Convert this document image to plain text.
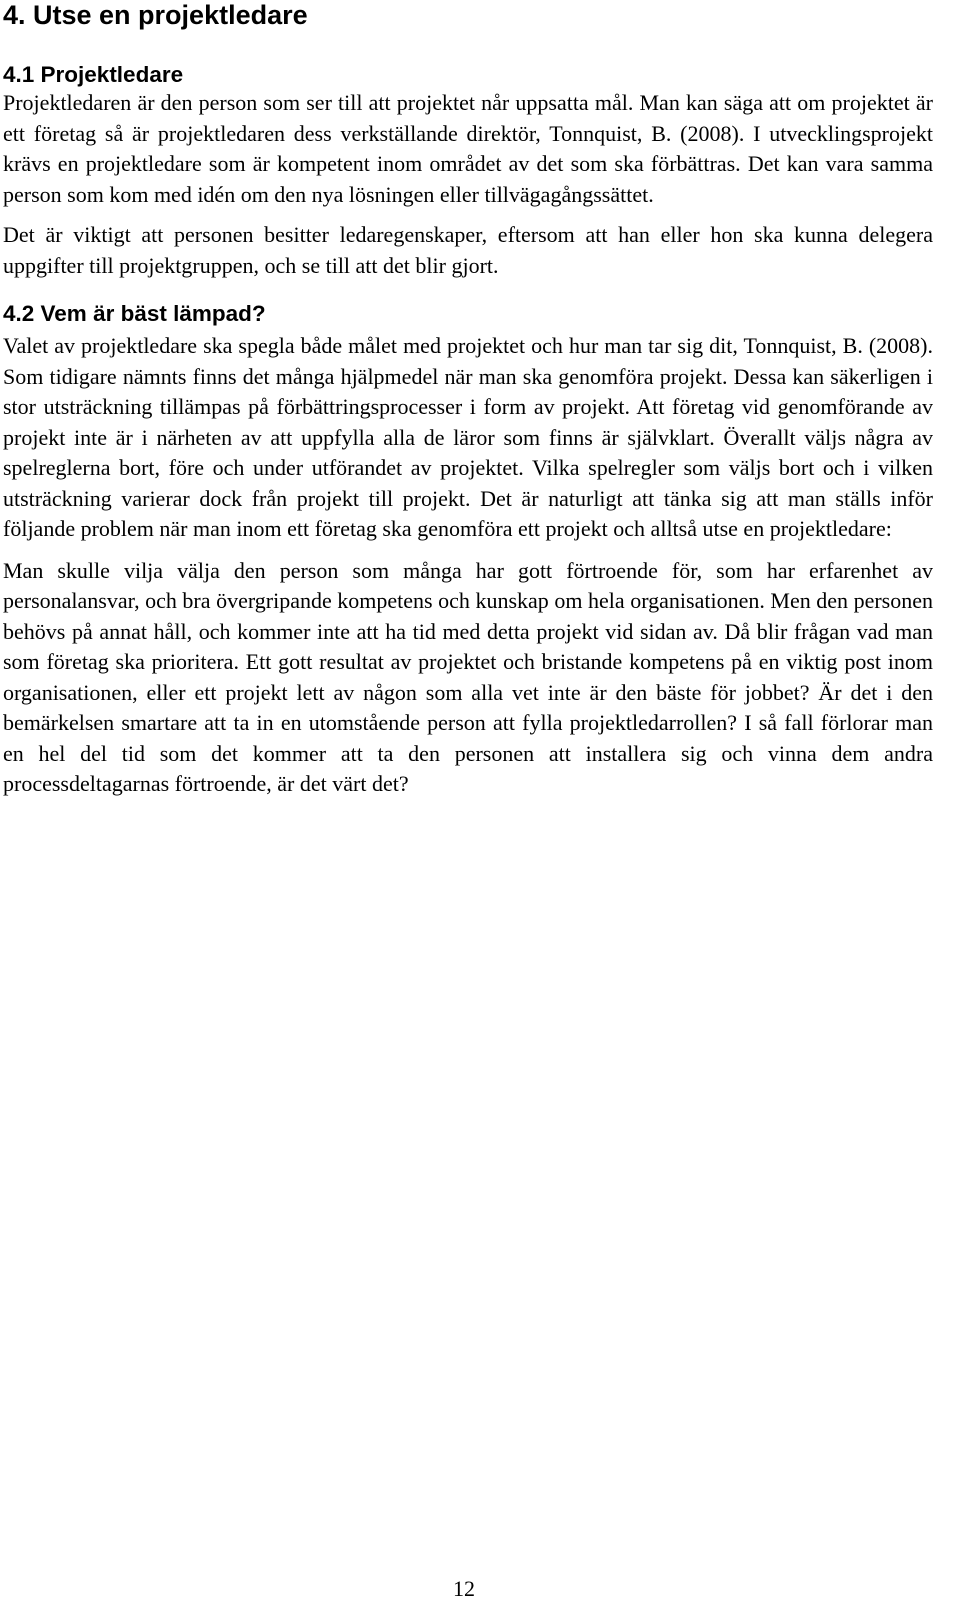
4. Utse en projektledare
4.1 Projektledare

Projektledaren är den person som ser till att projektet når uppsatta mål. Man kan säga att om projektet är ett företag så är projektledaren dess verkställande direktör, Tonnquist, B. (2008). I utvecklingsprojekt krävs en projektledare som är kompetent inom området av det som ska förbättras. Det kan vara samma person som kom med idén om den nya lösningen eller tillvägagångssättet.

Det är viktigt att personen besitter ledaregenskaper, eftersom att han eller hon ska kunna delegera uppgifter till projektgruppen, och se till att det blir gjort.

4.2 Vem är bäst lämpad?

Valet av projektledare ska spegla både målet med projektet och hur man tar sig dit, Tonnquist, B. (2008). Som tidigare nämnts finns det många hjälpmedel när man ska genomföra projekt. Dessa kan säkerligen i stor utsträckning tillämpas på förbättringsprocesser i form av projekt. Att företag vid genomförande av projekt inte är i närheten av att uppfylla alla de läror som finns är självklart. Överallt väljs några av spelreglerna bort, före och under utförandet av projektet. Vilka spelregler som väljs bort och i vilken utsträckning varierar dock från projekt till projekt. Det är naturligt att tänka sig att man ställs inför följande problem när man inom ett företag ska genomföra ett projekt och alltså utse en projektledare:

Man skulle vilja välja den person som många har gott förtroende för, som har erfarenhet av personalansvar, och bra övergripande kompetens och kunskap om hela organisationen. Men den personen behövs på annat håll, och kommer inte att ha tid med detta projekt vid sidan av. Då blir frågan vad man som företag ska prioritera. Ett gott resultat av projektet och bristande kompetens på en viktig post inom organisationen, eller ett projekt lett av någon som alla vet inte är den bäste för jobbet? Är det i den bemärkelsen smartare att ta in en utomstående person att fylla projektledarrollen? I så fall förlorar man en hel del tid som det kommer att ta den personen att installera sig och vinna dem andra processdeltagarnas förtroende, är det värt det?

12
